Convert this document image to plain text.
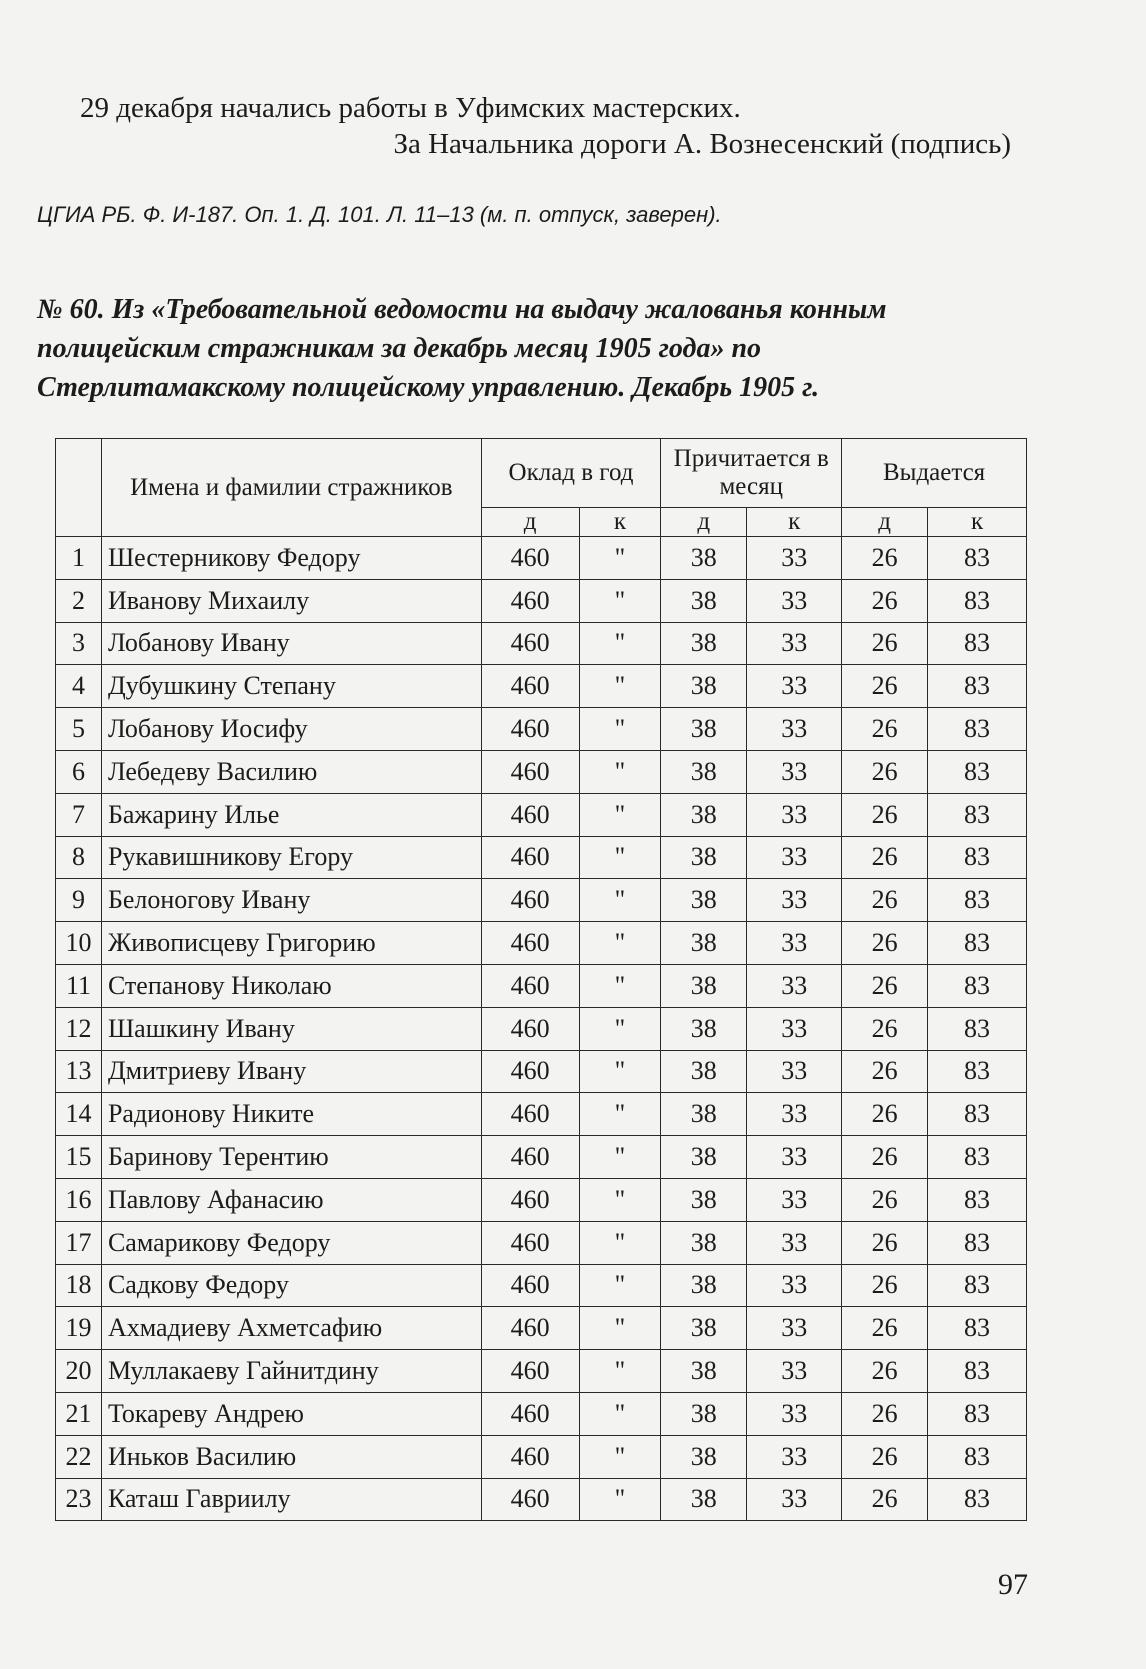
29 декабря начались работы в Уфимских мастерских.
За Начальника дороги А. Вознесенский (подпись)
ЦГИА РБ. Ф. И-187. Оп. 1. Д. 101. Л. 11–13 (м. п. отпуск, заверен).
№ 60. Из «Требовательной ведомости на выдачу жалованья конным полицейским стражникам за декабрь месяц 1905 года» по Стерлитамакскому полицейскому управлению. Декабрь 1905 г.
	Имена и фамилии стражников	Оклад в год		Причитается в месяц		Выдается	
		д	к	д	к	д	к
1	Шестерникову Федору	460	"	38	33	26	83
2	Иванову Михаилу	460	"	38	33	26	83
3	Лобанову Ивану	460	"	38	33	26	83
4	Дубушкину Степану	460	"	38	33	26	83
5	Лобанову Иосифу	460	"	38	33	26	83
6	Лебедеву Василию	460	"	38	33	26	83
7	Бажарину Илье	460	"	38	33	26	83
8	Рукавишникову Егору	460	"	38	33	26	83
9	Белоногову Ивану	460	"	38	33	26	83
10	Живописцеву Григорию	460	"	38	33	26	83
11	Степанову Николаю	460	"	38	33	26	83
12	Шашкину Ивану	460	"	38	33	26	83
13	Дмитриеву Ивану	460	"	38	33	26	83
14	Радионову Никите	460	"	38	33	26	83
15	Баринову Терентию	460	"	38	33	26	83
16	Павлову Афанасию	460	"	38	33	26	83
17	Самарикову Федору	460	"	38	33	26	83
18	Садкову Федору	460	"	38	33	26	83
19	Ахмадиеву Ахметсафию	460	"	38	33	26	83
20	Муллакаеву Гайнитдину	460	"	38	33	26	83
21	Токареву Андрею	460	"	38	33	26	83
22	Иньков Василию	460	"	38	33	26	83
23	Каташ Гавриилу	460	"	38	33	26	83
97
